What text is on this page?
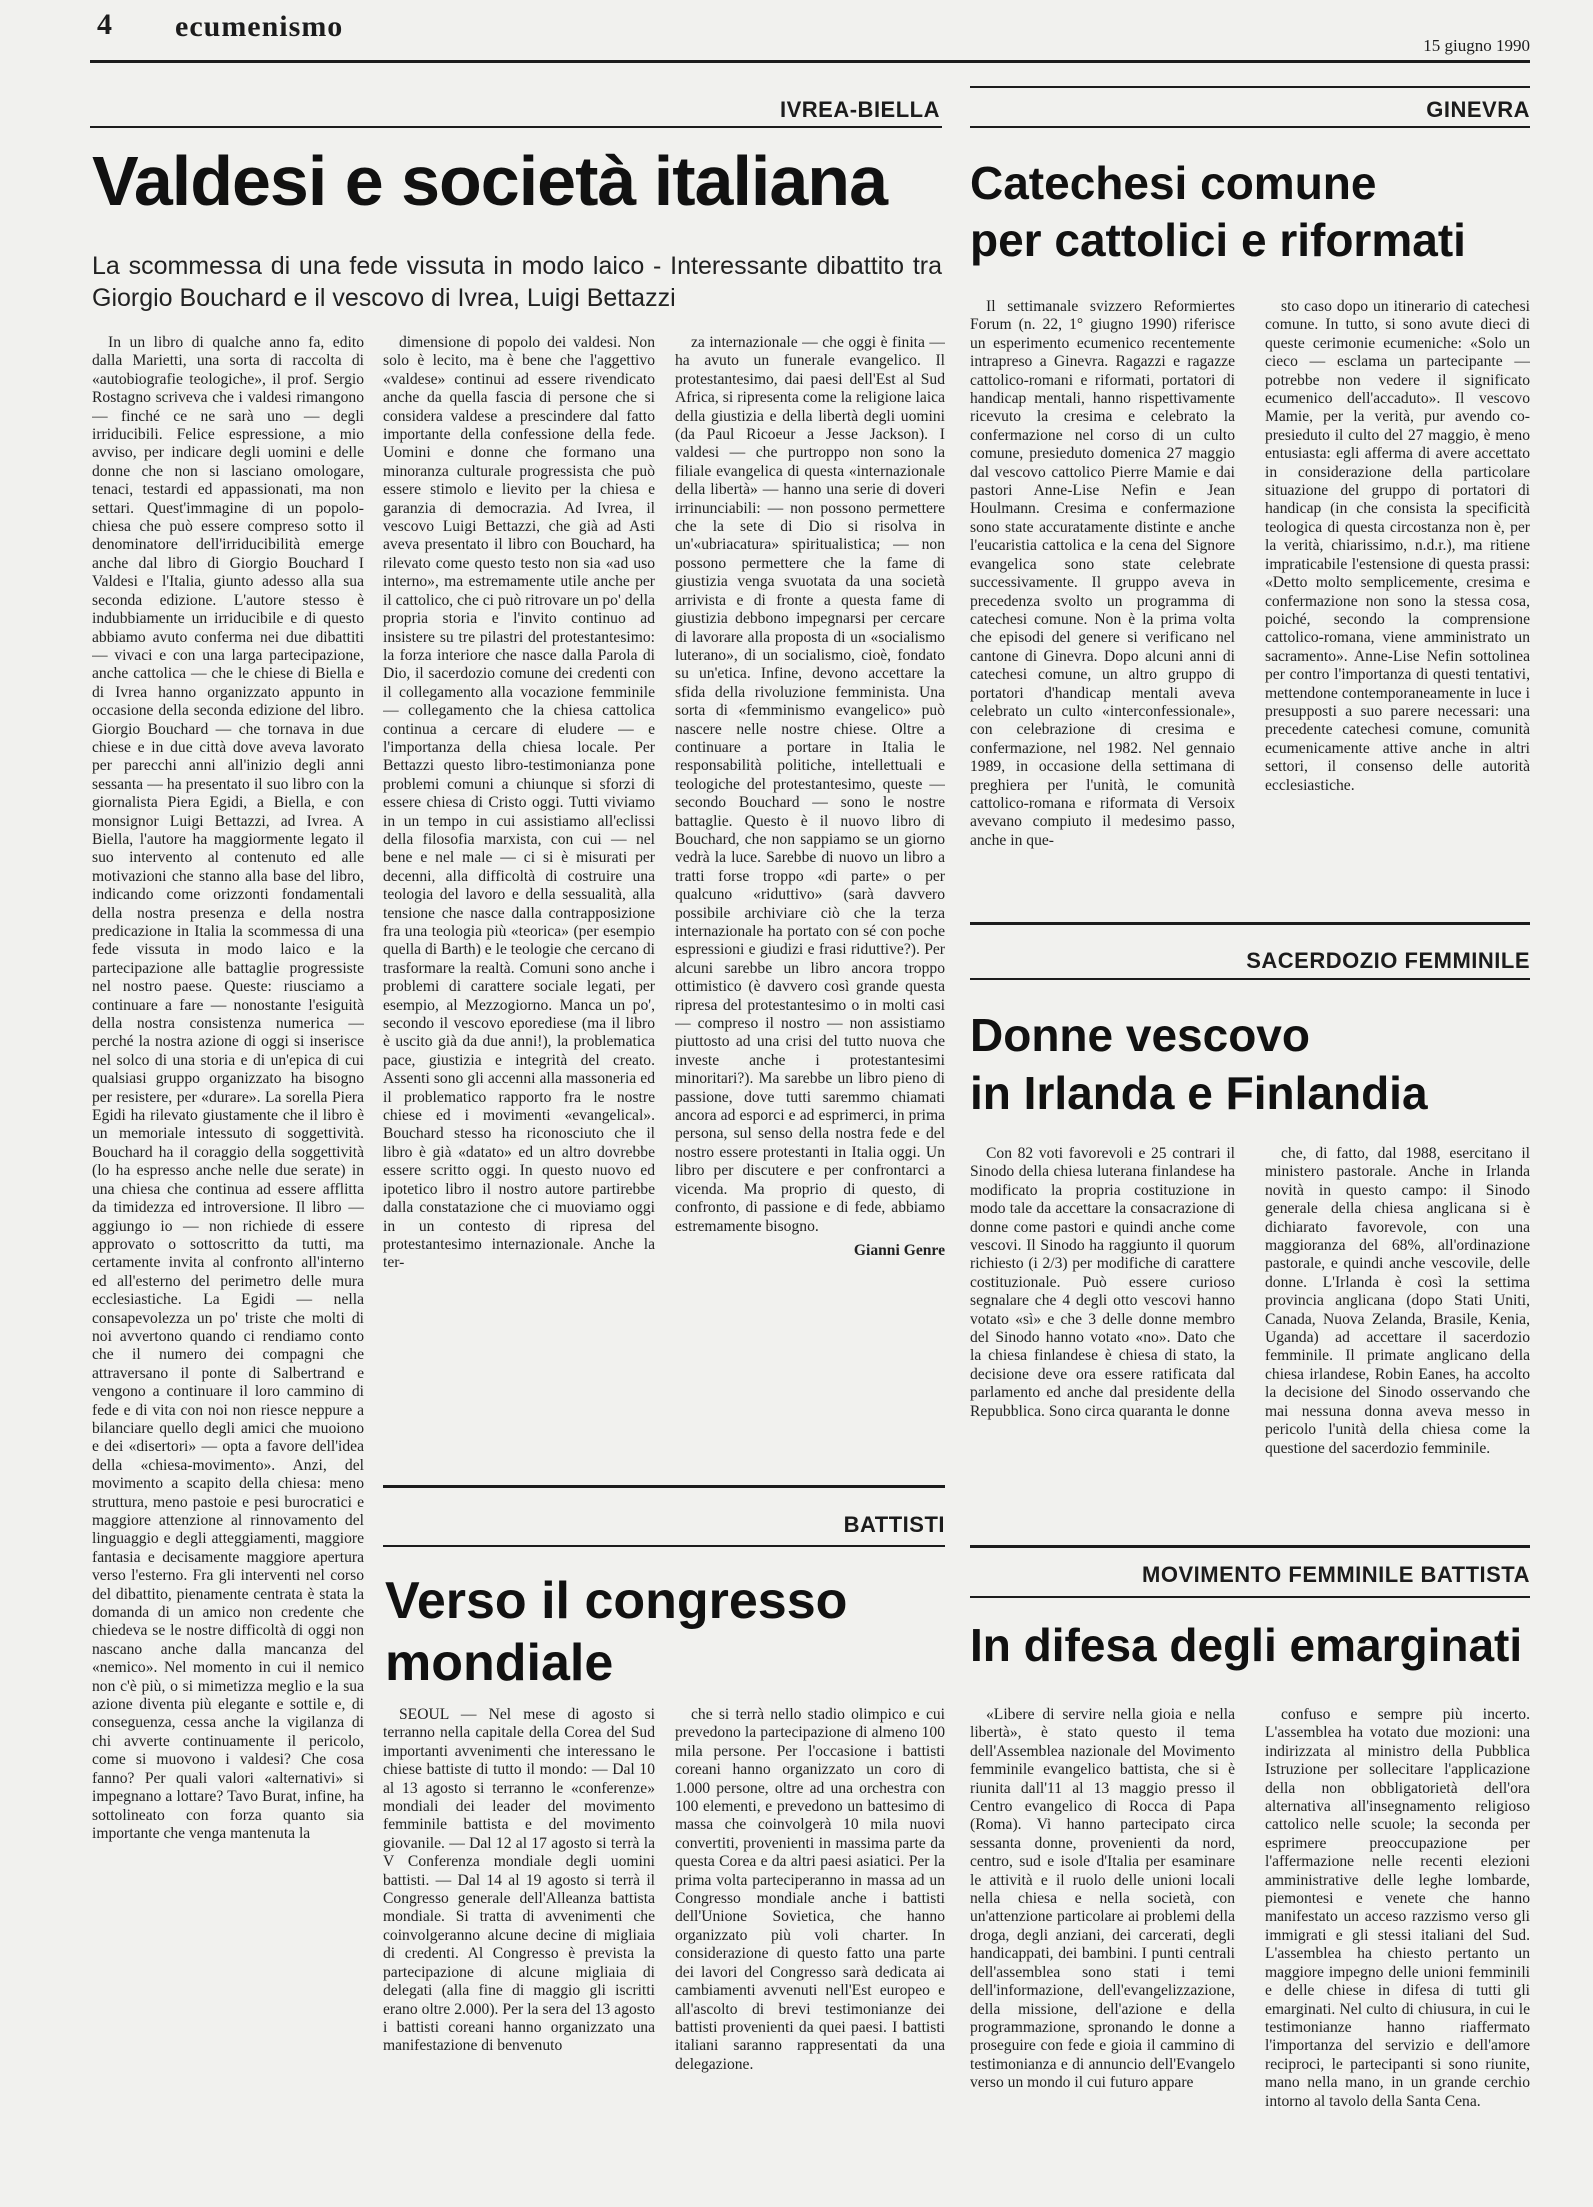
4 ecumenismo
15 giugno 1990
IVREA-BIELLA
Valdesi e società italiana
La scommessa di una fede vissuta in modo laico - Interessante dibattito tra Giorgio Bouchard e il vescovo di Ivrea, Luigi Bettazzi

In un libro di qualche anno fa, edito dalla Marietti, una sorta di raccolta di «autobiografie teologiche», il prof. Sergio Rostagno scriveva che i valdesi rimangono — finché ce ne sarà uno — degli irriducibili. Felice espressione, a mio avviso, per indicare degli uomini e delle donne che non si lasciano omologare, tenaci, testardi ed appassionati, ma non settari. Quest'immagine di un popolo-chiesa che può essere compreso sotto il denominatore dell'irriducibilità emerge anche dal libro di Giorgio Bouchard I Valdesi e l'Italia, giunto adesso alla sua seconda edizione. L'autore stesso è indubbiamente un irriducibile e di questo abbiamo avuto conferma nei due dibattiti — vivaci e con una larga partecipazione, anche cattolica — che le chiese di Biella e di Ivrea hanno organizzato appunto in occasione della seconda edizione del libro. Giorgio Bouchard — che tornava in due chiese e in due città dove aveva lavorato per parecchi anni all'inizio degli anni sessanta — ha presentato il suo libro con la giornalista Piera Egidi, a Biella, e con monsignor Luigi Bettazzi, ad Ivrea. A Biella, l'autore ha maggiormente legato il suo intervento al contenuto ed alle motivazioni che stanno alla base del libro, indicando come orizzonti fondamentali della nostra presenza e della nostra predicazione in Italia la scommessa di una fede vissuta in modo laico e la partecipazione alle battaglie progressiste nel nostro paese. Queste: riusciamo a continuare a fare — nonostante l'esiguità della nostra consistenza numerica — perché la nostra azione di oggi si inserisce nel solco di una storia e di un'epica di cui qualsiasi gruppo organizzato ha bisogno per resistere, per «durare». La sorella Piera Egidi ha rilevato giustamente che il libro è un memoriale intessuto di soggettività. Bouchard ha il coraggio della soggettività (lo ha espresso anche nelle due serate) in una chiesa che continua ad essere afflitta da timidezza ed introversione. Il libro — aggiungo io — non richiede di essere approvato o sottoscritto da tutti, ma certamente invita al confronto all'interno ed all'esterno del perimetro delle mura ecclesiastiche. La Egidi — nella consapevolezza un po' triste che molti di noi avvertono quando ci rendiamo conto che il numero dei compagni che attraversano il ponte di Salbertrand e vengono a continuare il loro cammino di fede e di vita con noi non riesce neppure a bilanciare quello degli amici che muoiono e dei «disertori» — opta a favore dell'idea della «chiesa-movimento». Anzi, del movimento a scapito della chiesa: meno struttura, meno pastoie e pesi burocratici e maggiore attenzione al rinnovamento del linguaggio e degli atteggiamenti, maggiore fantasia e decisamente maggiore apertura verso l'esterno. Fra gli interventi nel corso del dibattito, pienamente centrata è stata la domanda di un amico non credente che chiedeva se le nostre difficoltà di oggi non nascano anche dalla mancanza del «nemico». Nel momento in cui il nemico non c'è più, o si mimetizza meglio e la sua azione diventa più elegante e sottile e, di conseguenza, cessa anche la vigilanza di chi avverte continuamente il pericolo, come si muovono i valdesi? Che cosa fanno? Per quali valori «alternativi» si impegnano a lottare? Tavo Burat, infine, ha sottolineato con forza quanto sia importante che venga mantenuta la

dimensione di popolo dei valdesi. Non solo è lecito, ma è bene che l'aggettivo «valdese» continui ad essere rivendicato anche da quella fascia di persone che si considera valdese a prescindere dal fatto importante della confessione della fede. Uomini e donne che formano una minoranza culturale progressista che può essere stimolo e lievito per la chiesa e garanzia di democrazia. Ad Ivrea, il vescovo Luigi Bettazzi, che già ad Asti aveva presentato il libro con Bouchard, ha rilevato come questo testo non sia «ad uso interno», ma estremamente utile anche per il cattolico, che ci può ritrovare un po' della propria storia e l'invito continuo ad insistere su tre pilastri del protestantesimo: la forza interiore che nasce dalla Parola di Dio, il sacerdozio comune dei credenti con il collegamento alla vocazione femminile — collegamento che la chiesa cattolica continua a cercare di eludere — e l'importanza della chiesa locale. Per Bettazzi questo libro-testimonianza pone problemi comuni a chiunque si sforzi di essere chiesa di Cristo oggi. Tutti viviamo in un tempo in cui assistiamo all'eclissi della filosofia marxista, con cui — nel bene e nel male — ci si è misurati per decenni, alla difficoltà di costruire una teologia del lavoro e della sessualità, alla tensione che nasce dalla contrapposizione fra una teologia più «teorica» (per esempio quella di Barth) e le teologie che cercano di trasformare la realtà. Comuni sono anche i problemi di carattere sociale legati, per esempio, al Mezzogiorno. Manca un po', secondo il vescovo eporediese (ma il libro è uscito già da due anni!), la problematica pace, giustizia e integrità del creato. Assenti sono gli accenni alla massoneria ed il problematico rapporto fra le nostre chiese ed i movimenti «evangelical». Bouchard stesso ha riconosciuto che il libro è già «datato» ed un altro dovrebbe essere scritto oggi. In questo nuovo ed ipotetico libro il nostro autore partirebbe dalla constatazione che ci muoviamo oggi in un contesto di ripresa del protestantesimo internazionale. Anche la ter-

za internazionale — che oggi è finita — ha avuto un funerale evangelico. Il protestantesimo, dai paesi dell'Est al Sud Africa, si ripresenta come la religione laica della giustizia e della libertà degli uomini (da Paul Ricoeur a Jesse Jackson). I valdesi — che purtroppo non sono la filiale evangelica di questa «internazionale della libertà» — hanno una serie di doveri irrinunciabili: — non possono permettere che la sete di Dio si risolva in un'«ubriacatura» spiritualistica; — non possono permettere che la fame di giustizia venga svuotata da una società arrivista e di fronte a questa fame di giustizia debbono impegnarsi per cercare di lavorare alla proposta di un «socialismo luterano», di un socialismo, cioè, fondato su un'etica. Infine, devono accettare la sfida della rivoluzione femminista. Una sorta di «femminismo evangelico» può nascere nelle nostre chiese. Oltre a continuare a portare in Italia le responsabilità politiche, intellettuali e teologiche del protestantesimo, queste — secondo Bouchard — sono le nostre battaglie. Questo è il nuovo libro di Bouchard, che non sappiamo se un giorno vedrà la luce. Sarebbe di nuovo un libro a tratti forse troppo «di parte» o per qualcuno «riduttivo» (sarà davvero possibile archiviare ciò che la terza internazionale ha portato con sé con poche espressioni e giudizi e frasi riduttive?). Per alcuni sarebbe un libro ancora troppo ottimistico (è davvero così grande questa ripresa del protestantesimo o in molti casi — compreso il nostro — non assistiamo piuttosto ad una crisi del tutto nuova che investe anche i protestantesimi minoritari?). Ma sarebbe un libro pieno di passione, dove tutti saremmo chiamati ancora ad esporci e ad esprimerci, in prima persona, sul senso della nostra fede e del nostro essere protestanti in Italia oggi. Un libro per discutere e per confrontarci a vicenda. Ma proprio di questo, di confronto, di passione e di fede, abbiamo estremamente bisogno.

Gianni Genre

GINEVRA
Catechesi comune
per cattolici e riformati

Il settimanale svizzero Reformiertes Forum (n. 22, 1° giugno 1990) riferisce un esperimento ecumenico recentemente intrapreso a Ginevra. Ragazzi e ragazze cattolico-romani e riformati, portatori di handicap mentali, hanno rispettivamente ricevuto la cresima e celebrato la confermazione nel corso di un culto comune, presieduto domenica 27 maggio dal vescovo cattolico Pierre Mamie e dai pastori Anne-Lise Nefin e Jean Houlmann. Cresima e confermazione sono state accuratamente distinte e anche l'eucaristia cattolica e la cena del Signore evangelica sono state celebrate successivamente. Il gruppo aveva in precedenza svolto un programma di catechesi comune. Non è la prima volta che episodi del genere si verificano nel cantone di Ginevra. Dopo alcuni anni di catechesi comune, un altro gruppo di portatori d'handicap mentali aveva celebrato un culto «interconfessionale», con celebrazione di cresima e confermazione, nel 1982. Nel gennaio 1989, in occasione della settimana di preghiera per l'unità, le comunità cattolico-romana e riformata di Versoix avevano compiuto il medesimo passo, anche in que-

sto caso dopo un itinerario di catechesi comune. In tutto, si sono avute dieci di queste cerimonie ecumeniche: «Solo un cieco — esclama un partecipante — potrebbe non vedere il significato ecumenico dell'accaduto». Il vescovo Mamie, per la verità, pur avendo co-presieduto il culto del 27 maggio, è meno entusiasta: egli afferma di avere accettato in considerazione della particolare situazione del gruppo di portatori di handicap (in che consista la specificità teologica di questa circostanza non è, per la verità, chiarissimo, n.d.r.), ma ritiene impraticabile l'estensione di questa prassi: «Detto molto semplicemente, cresima e confermazione non sono la stessa cosa, poiché, secondo la comprensione cattolico-romana, viene amministrato un sacramento». Anne-Lise Nefin sottolinea per contro l'importanza di questi tentativi, mettendone contemporaneamente in luce i presupposti a suo parere necessari: una precedente catechesi comune, comunità ecumenicamente attive anche in altri settori, il consenso delle autorità ecclesiastiche.

SACERDOZIO FEMMINILE
Donne vescovo
in Irlanda e Finlandia

Con 82 voti favorevoli e 25 contrari il Sinodo della chiesa luterana finlandese ha modificato la propria costituzione in modo tale da accettare la consacrazione di donne come pastori e quindi anche come vescovi. Il Sinodo ha raggiunto il quorum richiesto (i 2/3) per modifiche di carattere costituzionale. Può essere curioso segnalare che 4 degli otto vescovi hanno votato «sì» e che 3 delle donne membro del Sinodo hanno votato «no». Dato che la chiesa finlandese è chiesa di stato, la decisione deve ora essere ratificata dal parlamento ed anche dal presidente della Repubblica. Sono circa quaranta le donne

che, di fatto, dal 1988, esercitano il ministero pastorale. Anche in Irlanda novità in questo campo: il Sinodo generale della chiesa anglicana si è dichiarato favorevole, con una maggioranza del 68%, all'ordinazione pastorale, e quindi anche vescovile, delle donne. L'Irlanda è così la settima provincia anglicana (dopo Stati Uniti, Canada, Nuova Zelanda, Brasile, Kenia, Uganda) ad accettare il sacerdozio femminile. Il primate anglicano della chiesa irlandese, Robin Eanes, ha accolto la decisione del Sinodo osservando che mai nessuna donna aveva messo in pericolo l'unità della chiesa come la questione del sacerdozio femminile.

BATTISTI
Verso il congresso
mondiale

SEOUL — Nel mese di agosto si terranno nella capitale della Corea del Sud importanti avvenimenti che interessano le chiese battiste di tutto il mondo: — Dal 10 al 13 agosto si terranno le «conferenze» mondiali dei leader del movimento femminile battista e del movimento giovanile. — Dal 12 al 17 agosto si terrà la V Conferenza mondiale degli uomini battisti. — Dal 14 al 19 agosto si terrà il Congresso generale dell'Alleanza battista mondiale. Si tratta di avvenimenti che coinvolgeranno alcune decine di migliaia di credenti. Al Congresso è prevista la partecipazione di alcune migliaia di delegati (alla fine di maggio gli iscritti erano oltre 2.000). Per la sera del 13 agosto i battisti coreani hanno organizzato una manifestazione di benvenuto

che si terrà nello stadio olimpico e cui prevedono la partecipazione di almeno 100 mila persone. Per l'occasione i battisti coreani hanno organizzato un coro di 1.000 persone, oltre ad una orchestra con 100 elementi, e prevedono un battesimo di massa che coinvolgerà 10 mila nuovi convertiti, provenienti in massima parte da questa Corea e da altri paesi asiatici. Per la prima volta parteciperanno in massa ad un Congresso mondiale anche i battisti dell'Unione Sovietica, che hanno organizzato più voli charter. In considerazione di questo fatto una parte dei lavori del Congresso sarà dedicata ai cambiamenti avvenuti nell'Est europeo e all'ascolto di brevi testimonianze dei battisti provenienti da quei paesi. I battisti italiani saranno rappresentati da una delegazione.

MOVIMENTO FEMMINILE BATTISTA
In difesa degli emarginati

«Libere di servire nella gioia e nella libertà», è stato questo il tema dell'Assemblea nazionale del Movimento femminile evangelico battista, che si è riunita dall'11 al 13 maggio presso il Centro evangelico di Rocca di Papa (Roma). Vi hanno partecipato circa sessanta donne, provenienti da nord, centro, sud e isole d'Italia per esaminare le attività e il ruolo delle unioni locali nella chiesa e nella società, con un'attenzione particolare ai problemi della droga, degli anziani, dei carcerati, degli handicappati, dei bambini. I punti centrali dell'assemblea sono stati i temi dell'informazione, dell'evangelizzazione, della missione, dell'azione e della programmazione, spronando le donne a proseguire con fede e gioia il cammino di testimonianza e di annuncio dell'Evangelo verso un mondo il cui futuro appare

confuso e sempre più incerto. L'assemblea ha votato due mozioni: una indirizzata al ministro della Pubblica Istruzione per sollecitare l'applicazione della non obbligatorietà dell'ora alternativa all'insegnamento religioso cattolico nelle scuole; la seconda per esprimere preoccupazione per l'affermazione nelle recenti elezioni amministrative delle leghe lombarde, piemontesi e venete che hanno manifestato un acceso razzismo verso gli immigrati e gli stessi italiani del Sud. L'assemblea ha chiesto pertanto un maggiore impegno delle unioni femminili e delle chiese in difesa di tutti gli emarginati. Nel culto di chiusura, in cui le testimonianze hanno riaffermato l'importanza del servizio e dell'amore reciproci, le partecipanti si sono riunite, mano nella mano, in un grande cerchio intorno al tavolo della Santa Cena.
